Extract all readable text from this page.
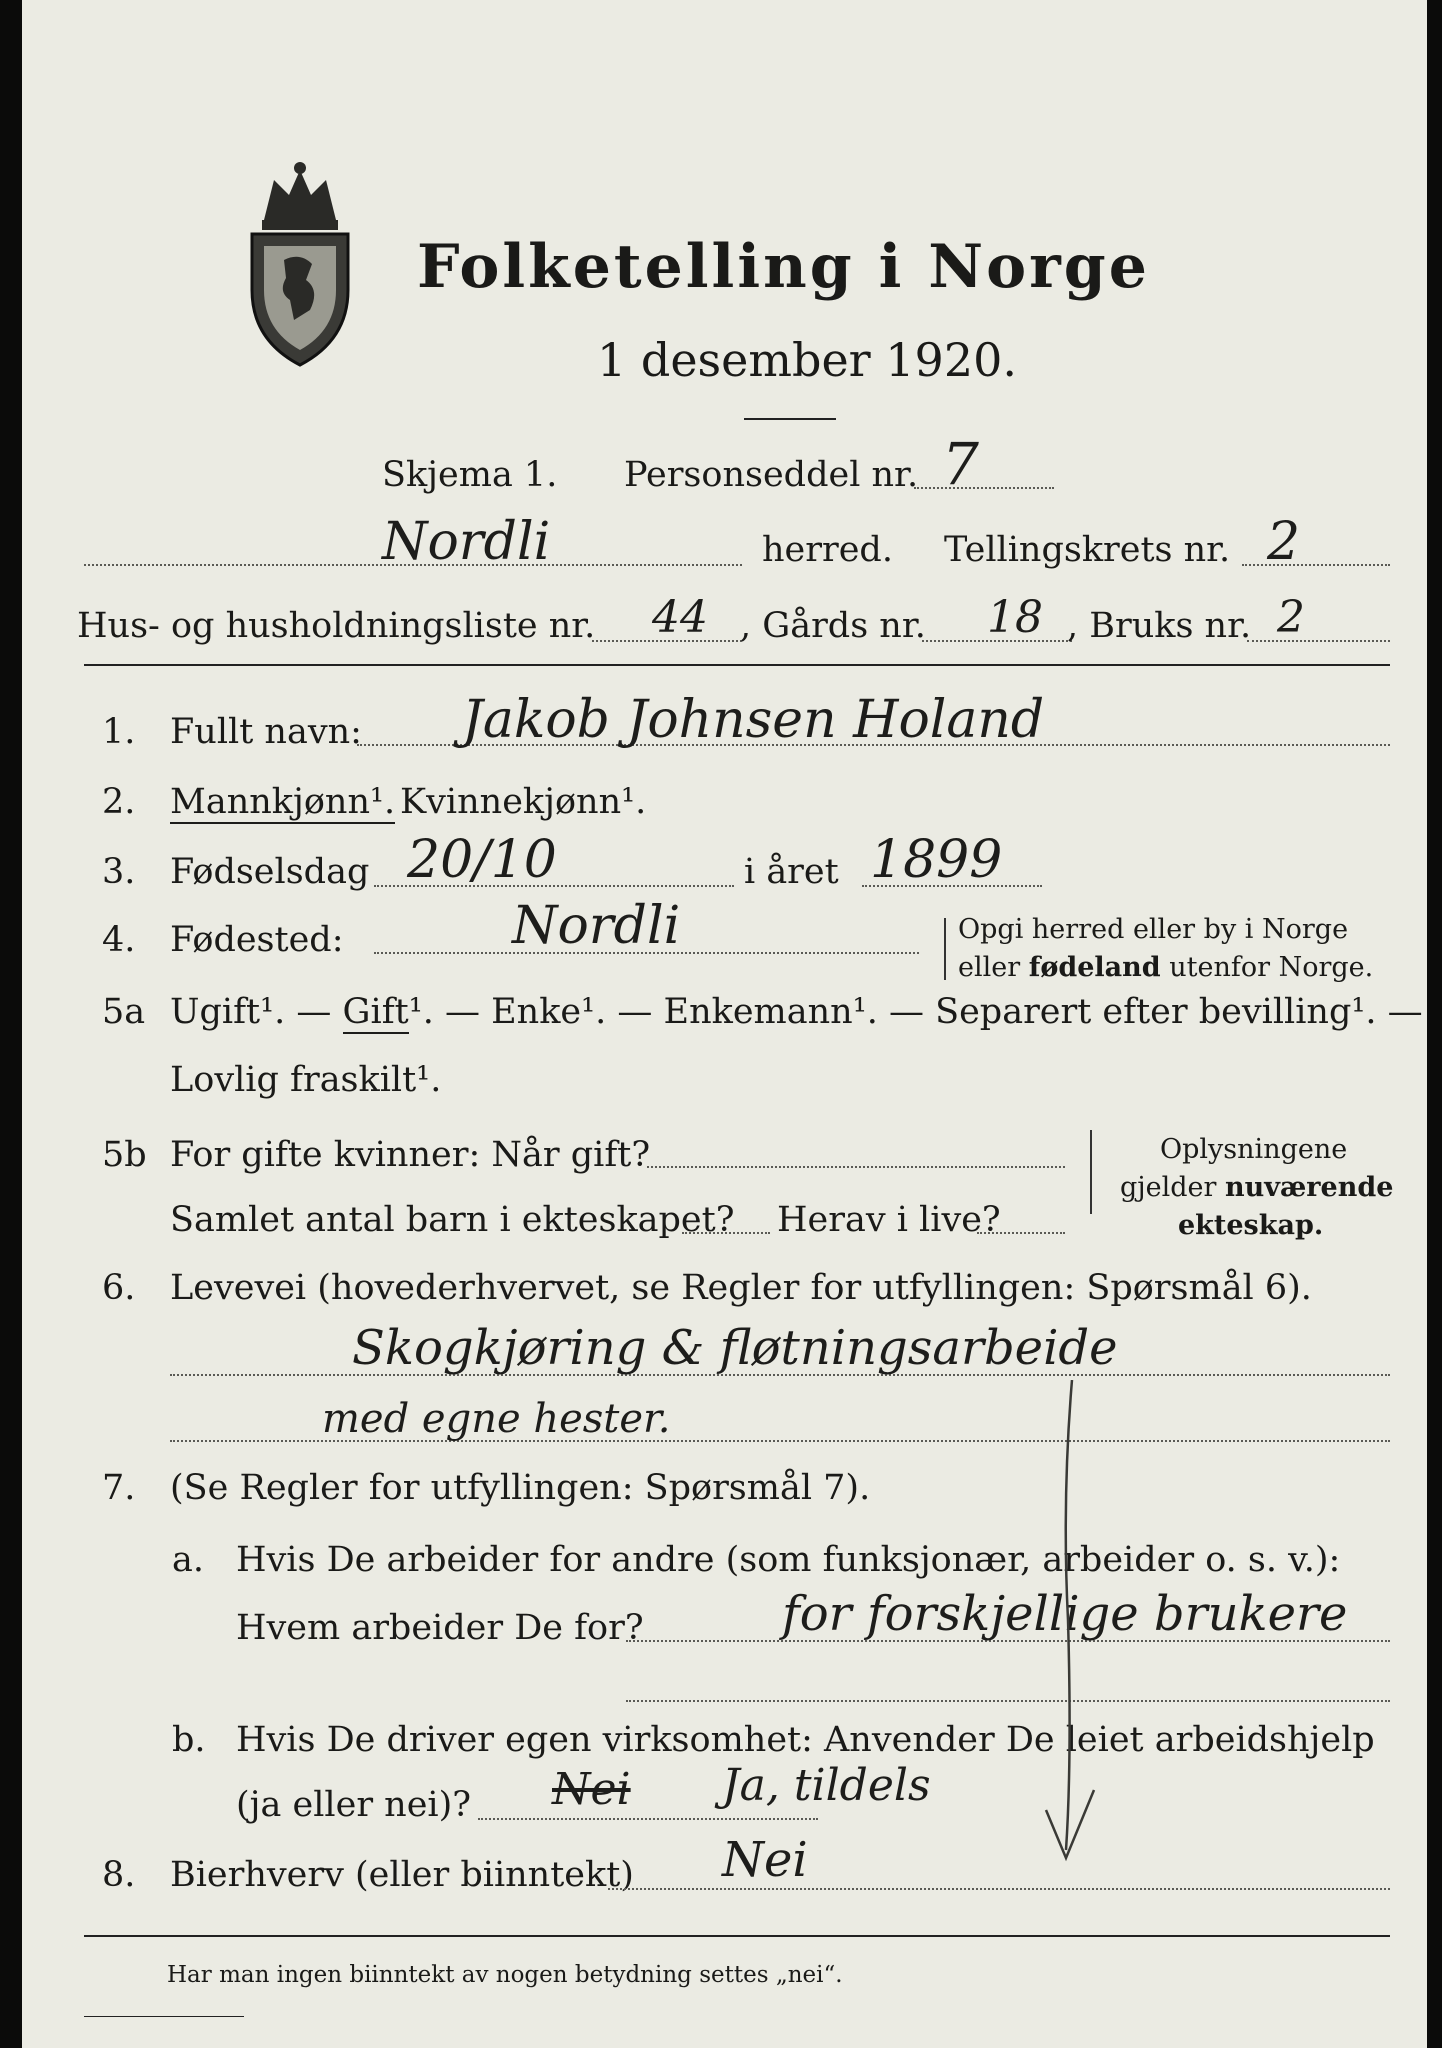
Folketelling i Norge
1 desember 1920.
Skjema 1. Personseddel nr. 7
Nordli	herred. Tellingskrets nr. 2
Hus- og husholdningsliste nr. 44 , Gårds nr. 18 , Bruks nr. 2
1. Fullt navn: Jakob Johnsen Holand
2. Mannkjønn¹. Kvinnekjønn¹.
3. Fødselsdag 20/10	i året 1899
4. Fødested:	Nordli	Opgi herred eller by i Norge
eller fødeland utenfor Norge.
5a Ugift¹. — Gift¹. — Enke¹. — Enkemann¹. — Separert efter bevilling¹. —
Lovlig fraskilt¹.
5b For gifte kvinner: Når gift?
Samlet antal barn i ekteskapet? Herav i live?
Oplysningene
gjelder nuværende
ekteskap.
6. Levevei (hovederhvervet, se Regler for utfyllingen: Spørsmål 6).
Skogkjøring & fløtningsarbeide
med egne hester.
7. (Se Regler for utfyllingen: Spørsmål 7).
a. Hvis De arbeider for andre (som funksjonær, arbeider o. s. v.):
Hvem arbeider De for?	for forskjellige brukere
b. Hvis De driver egen virksomhet: Anvender De leiet arbeidshjelp
(ja eller nei)? Nei Ja, tildels
8. Bierhverv (eller biinntekt) Nei
Har man ingen biinntekt av nogen betydning settes „nei“.
